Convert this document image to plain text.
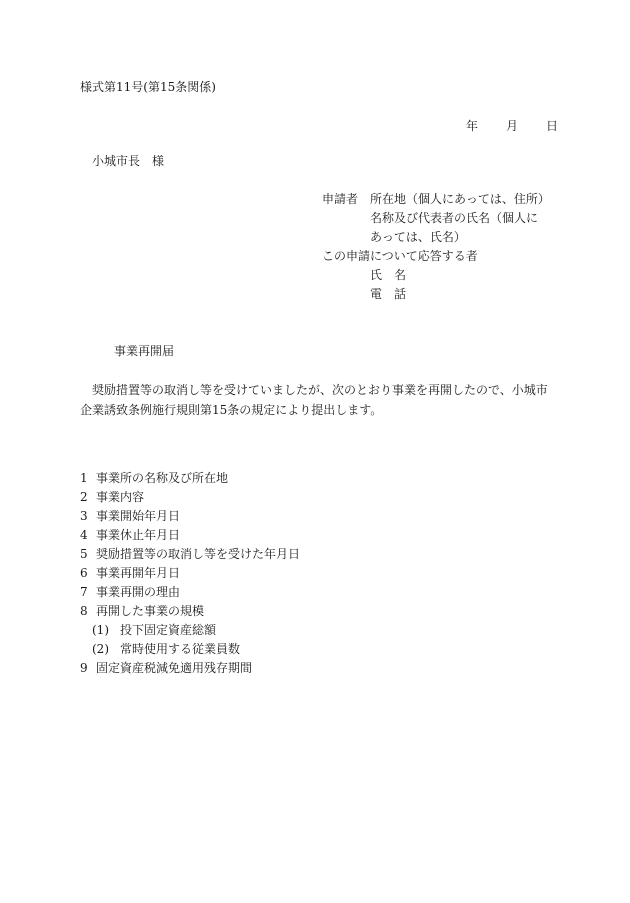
様式第11号(第15条関係)
年 月 日
小城市長　様
申請者 所在地（個人にあっては、住所）
名称及び代表者の氏名（個人に
あっては、氏名）
この申請について応答する者
氏　名
電　話
事業再開届
奨励措置等の取消し等を受けていましたが、次のとおり事業を再開したので、小城市企業誘致条例施行規則第15条の規定により提出します。
1 事業所の名称及び所在地
2 事業内容
3 事業開始年月日
4 事業休止年月日
5 奨励措置等の取消し等を受けた年月日
6 事業再開年月日
7 事業再開の理由
8 再開した事業の規模
(1) 投下固定資産総額
(2) 常時使用する従業員数
9 固定資産税減免適用残存期間
